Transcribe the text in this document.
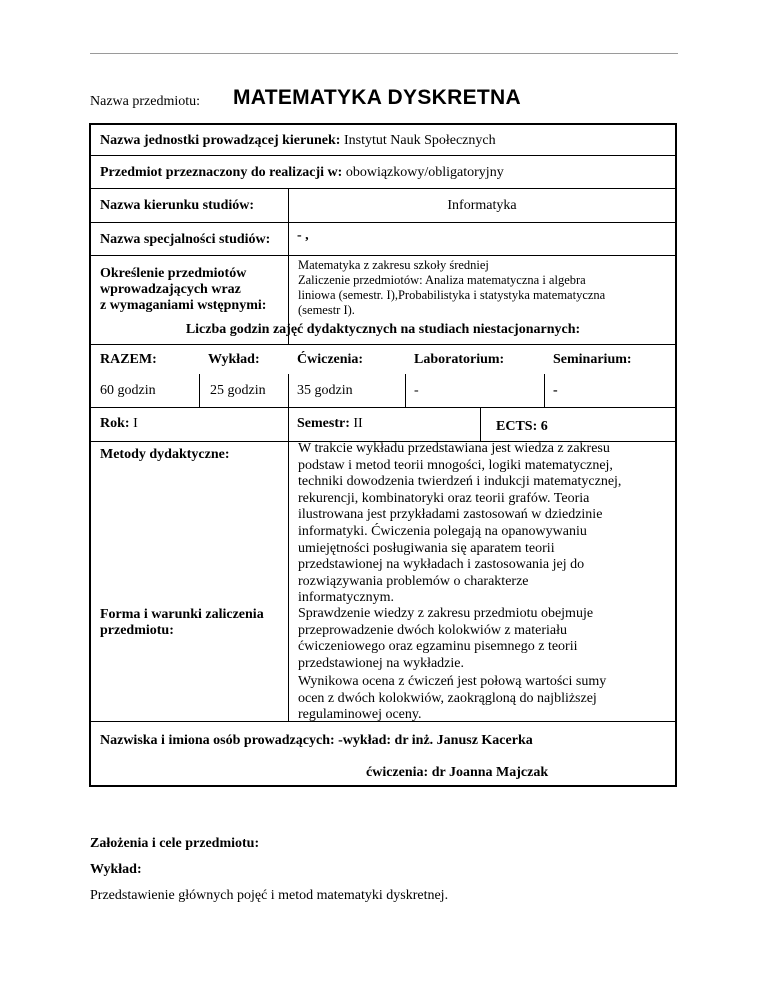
Nazwa przedmiotu: MATEMATYKA DYSKRETNA
Nazwa jednostki prowadzącej kierunek: Instytut Nauk Społecznych
Przedmiot przeznaczony do realizacji w: obowiązkowy/obligatoryjny
Nazwa kierunku studiów:	Informatyka
Nazwa specjalności studiów: - ,
Określenie przedmiotów
wprowadzających wraz
z wymaganiami wstępnymi:
Matematyka z zakresu szkoły średniej
Zaliczenie przedmiotów: Analiza matematyczna i algebra
liniowa (semestr. I),Probabilistyka i statystyka matematyczna
(semestr I).
Liczba godzin zajęć dydaktycznych na studiach niestacjonarnych:
RAZEM:	Wykład:	Ćwiczenia:	Laboratorium:	Seminarium:
60 godzin	25 godzin 35 godzin	-	-
Rok: I	Semestr: II	ECTS: 6
Metody dydaktyczne:	W trakcie wykładu przedstawiana jest wiedza z zakresu
podstaw i metod teorii mnogości, logiki matematycznej,
techniki dowodzenia twierdzeń i indukcji matematycznej,
rekurencji, kombinatoryki oraz teorii grafów. Teoria
ilustrowana jest przykładami zastosowań w dziedzinie
informatyki. Ćwiczenia polegają na opanowywaniu
umiejętności posługiwania się aparatem teorii
przedstawionej na wykładach i zastosowania jej do
rozwiązywania problemów o charakterze
informatycznym.
Forma i warunki zaliczenia
przedmiotu:
Sprawdzenie wiedzy z zakresu przedmiotu obejmuje
przeprowadzenie dwóch kolokwiów z materiału
ćwiczeniowego oraz egzaminu pisemnego z teorii
przedstawionej na wykładzie.
Wynikowa ocena z ćwiczeń jest połową wartości sumy
ocen z dwóch kolokwiów, zaokrągloną do najbliższej
regulaminowej oceny.
Nazwiska i imiona osób prowadzących: -wykład: dr inż. Janusz Kacerka
ćwiczenia: dr Joanna Majczak
Założenia i cele przedmiotu:
Wykład:
Przedstawienie głównych pojęć i metod matematyki dyskretnej.
